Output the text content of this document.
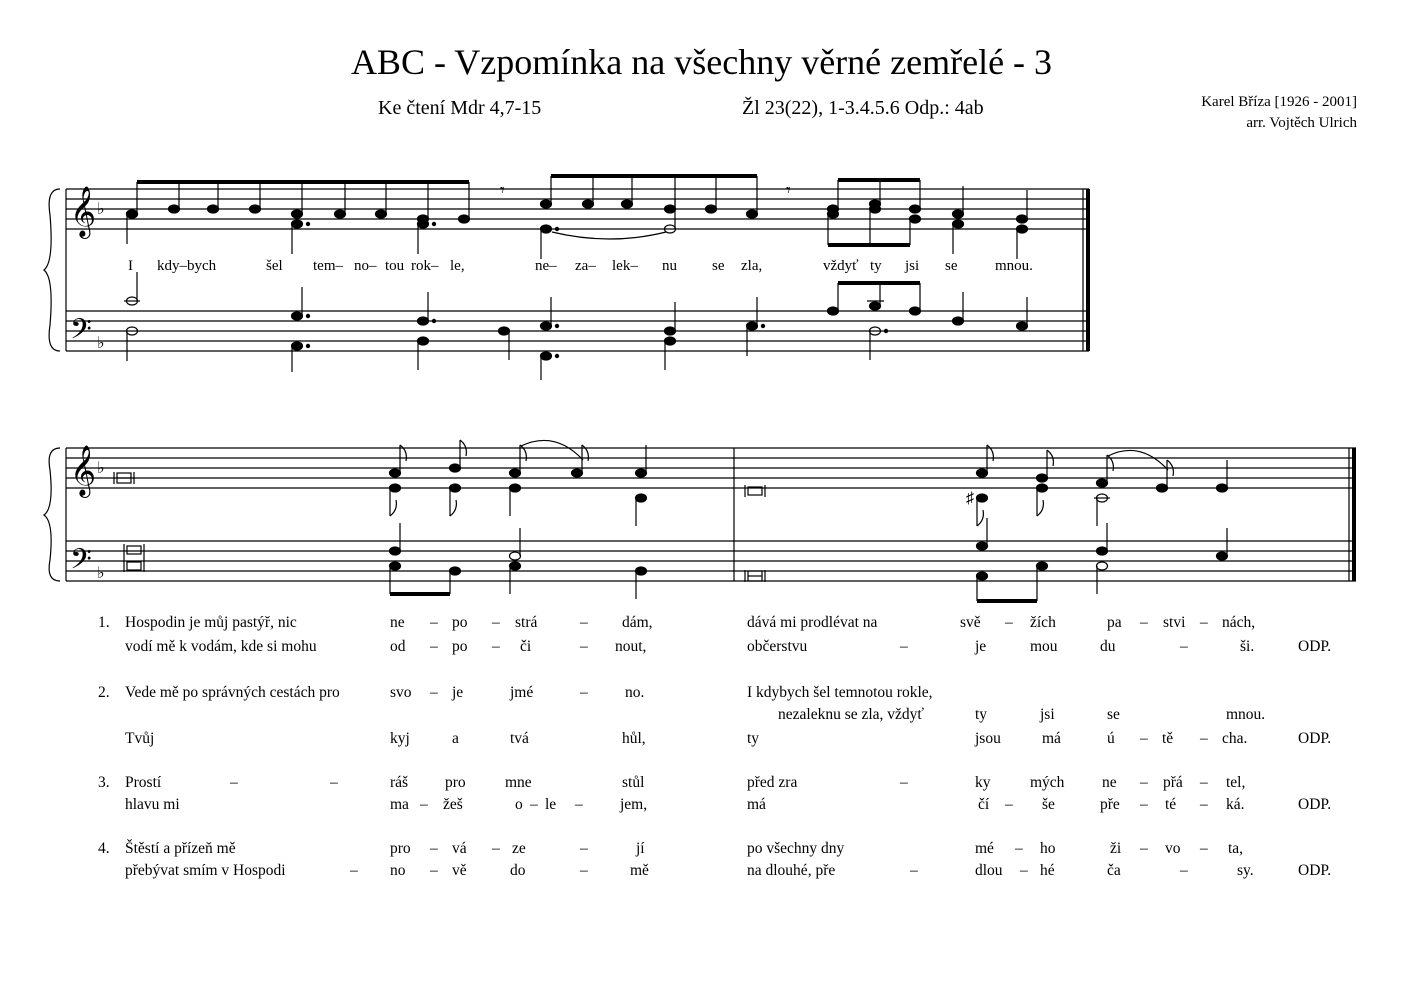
ABC - Vzpomínka na všechny věrné zemřelé - 3
Ke čtení Mdr 4,7-15	Žl 23(22), 1-3.4.5.6 Odp.: 4ab	Karel Bříza [1926 - 2001]
arr. Vojtěch Ulrich
𝄞
𝄢
♭
♭
𝄞
𝄢
♭
♭
𝄾	𝄾
I kdy–bych	šel tem– no– tou rok– le,	ne– za– lek– nu se zla,	vždyť ty jsi se	mnou.
♯
1. Hospodin je můj pastýř, nic	ne – po – strá	– dám,	dává mi prodlévat na	svě – žích	pa – stvi – nách,
vodí mě k vodám, kde si mohu	od – po – či	– nout,	občerstvu	–	je	mou	du	–	ši.	ODP.
2. Vede mě po správných cestách pro	svo – je	jmé	– no.	I kdybych šel temnotou rokle,
nezaleknu se zla, vždyť	ty	jsi	se	mnou.
Tvůj	kyj	a	tvá	hůl,	ty	jsou	má	ú – tě – cha.	ODP.
3. Prostí	–	–	ráš pro	mne	stůl	před zra	–	ky	mých ne – přá – tel,
hlavu mi	ma – žeš	o – le – jem,	má	čí – še	pře – té – ká.	ODP.
4. Štěstí a přízeň mě	pro – vá – ze	–	jí	po všechny dny	mé – ho	ži – vo – ta,
přebývat smím v Hospodi	– no – vě	do	–	mě	na dlouhé, pře	–	dlou – hé	ča	–	sy.	ODP.
